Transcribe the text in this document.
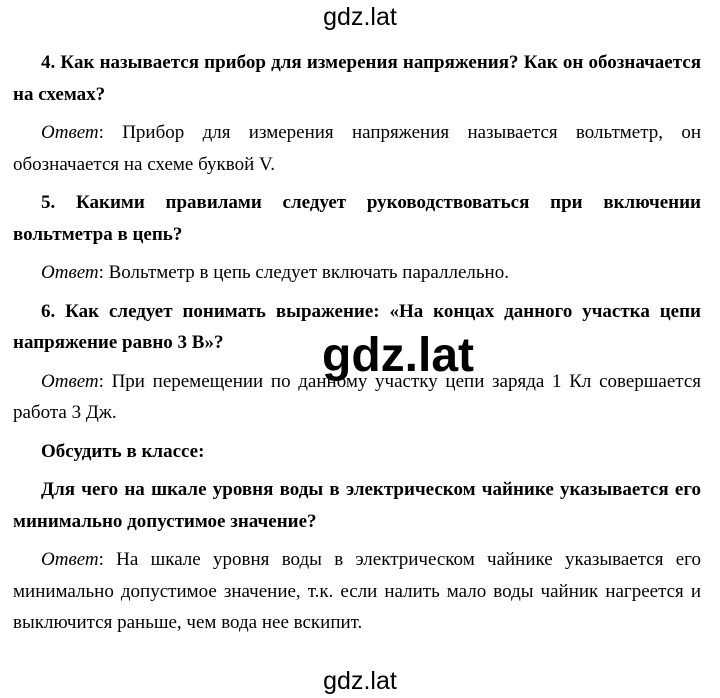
gdz.lat

4. Как называется прибор для измерения напряжения? Как он обозначается на схемах?

Ответ: Прибор для измерения напряжения называется вольтметр, он обозначается на схеме буквой V.

5. Какими правилами следует руководствоваться при включении вольтметра в цепь?

Ответ: Вольтметр в цепь следует включать параллельно.

6. Как следует понимать выражение: «На концах данного участка цепи напряжение равно 3 В»?

Ответ: При перемещении по данному участку цепи заряда 1 Кл совершается работа 3 Дж.

Обсудить в классе:

Для чего на шкале уровня воды в электрическом чайнике указывается его минимально допустимое значение?

Ответ: На шкале уровня воды в электрическом чайнике указывается его минимально допустимое значение, т.к. если налить мало воды чайник нагреется и выключится раньше, чем вода нее вскипит.

gdz.lat
gdz.lat
